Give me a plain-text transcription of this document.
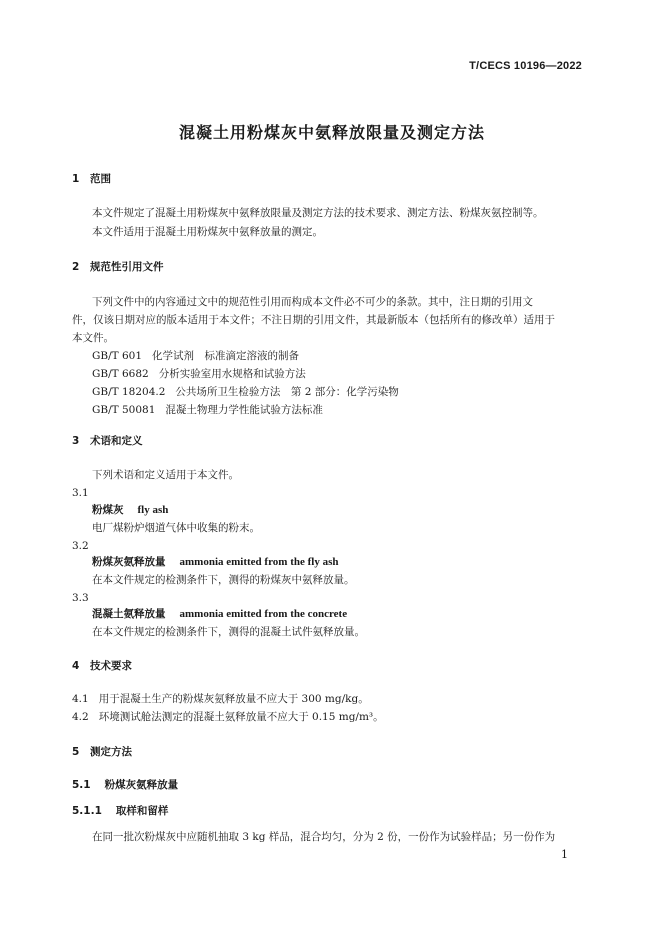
T/CECS 10196—2022
混凝土用粉煤灰中氨释放限量及测定方法
1 范围
本文件规定了混凝土用粉煤灰中氨释放限量及测定方法的技术要求、测定方法、粉煤灰氨控制等。
本文件适用于混凝土用粉煤灰中氨释放量的测定。
2 规范性引用文件
下列文件中的内容通过文中的规范性引用而构成本文件必不可少的条款。其中，注日期的引用文
件，仅该日期对应的版本适用于本文件；不注日期的引用文件，其最新版本（包括所有的修改单）适用于
本文件。
GB/T 601 化学试剂　标准滴定溶液的制备
GB/T 6682 分析实验室用水规格和试验方法
GB/T 18204.2 公共场所卫生检验方法　第 2 部分：化学污染物
GB/T 50081 混凝土物理力学性能试验方法标准
3 术语和定义
下列术语和定义适用于本文件。
3.1
粉煤灰 fly ash
电厂煤粉炉烟道气体中收集的粉末。
3.2
粉煤灰氨释放量 ammonia emitted from the fly ash
在本文件规定的检测条件下，测得的粉煤灰中氨释放量。
3.3
混凝土氨释放量 ammonia emitted from the concrete
在本文件规定的检测条件下，测得的混凝土试件氨释放量。
4 技术要求
4.1 用于混凝土生产的粉煤灰氨释放量不应大于 300 mg/kg。
4.2 环境测试舱法测定的混凝土氨释放量不应大于 0.15 mg/m³。
5 测定方法
5.1 粉煤灰氨释放量
5.1.1 取样和留样
在同一批次粉煤灰中应随机抽取 3 kg 样品，混合均匀，分为 2 份，一份作为试验样品；另一份作为
1
